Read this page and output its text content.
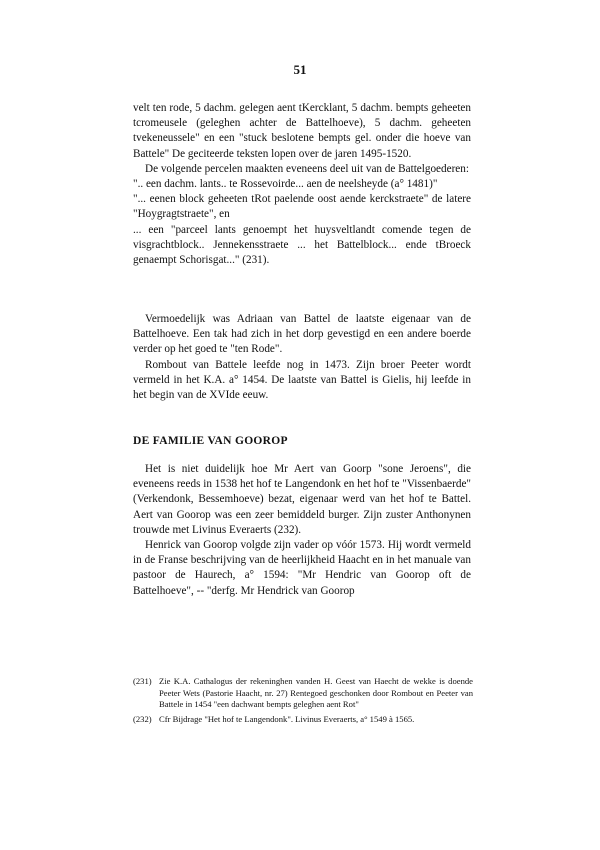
51

velt ten rode, 5 dachm. gelegen aent tKercklant, 5 dachm. bempts geheeten tcromeusele (geleghen achter de Battelhoeve), 5 dachm. geheeten tvekeneussele" en een "stuck beslotene bempts gel. onder die hoeve van Battele" De geciteerde teksten lopen over de jaren 1495-1520.

De volgende percelen maakten eveneens deel uit van de Battelgoederen:

".. een dachm. lants.. te Rossevoirde... aen de neelsheyde (a° 1481)"

"... eenen block geheeten tRot paelende oost aende kerckstraete" de latere "Hoygragtstraete", en

... een "parceel lants genoempt het huysveltlandt comende tegen de visgrachtblock.. Jennekensstraete ... het Battelblock... ende tBroeck genaempt Schorisgat..." (231).

Vermoedelijk was Adriaan van Battel de laatste eigenaar van de Battelhoeve. Een tak had zich in het dorp gevestigd en een andere boerde verder op het goed te "ten Rode".

Rombout van Battele leefde nog in 1473. Zijn broer Peeter wordt vermeld in het K.A. a° 1454. De laatste van Battel is Gielis, hij leefde in het begin van de XVIde eeuw.

DE FAMILIE VAN GOOROP

Het is niet duidelijk hoe Mr Aert van Goorp "sone Jeroens", die eveneens reeds in 1538 het hof te Langendonk en het hof te "Vissenbaerde" (Verkendonk, Bessemhoeve) bezat, eigenaar werd van het hof te Battel. Aert van Goorop was een zeer bemiddeld burger. Zijn zuster Anthonynen trouwde met Livinus Everaerts (232).

Henrick van Goorop volgde zijn vader op vóór 1573. Hij wordt vermeld in de Franse beschrijving van de heerlijkheid Haacht en in het manuale van pastoor de Haurech, a° 1594: "Mr Hendric van Goorop oft de Battelhoeve", -- "derfg. Mr Hendrick van Goorop

(231) Zie K.A. Cathalogus der rekeninghen vanden H. Geest van Haecht de wekke is doende Peeter Wets (Pastorie Haacht, nr. 27) Rentegoed geschonken door Rombout en Peeter van Battele in 1454 "een dachwant bempts geleghen aent Rot"
(232) Cfr Bijdrage "Het hof te Langendonk". Livinus Everaerts, a° 1549 à 1565.
